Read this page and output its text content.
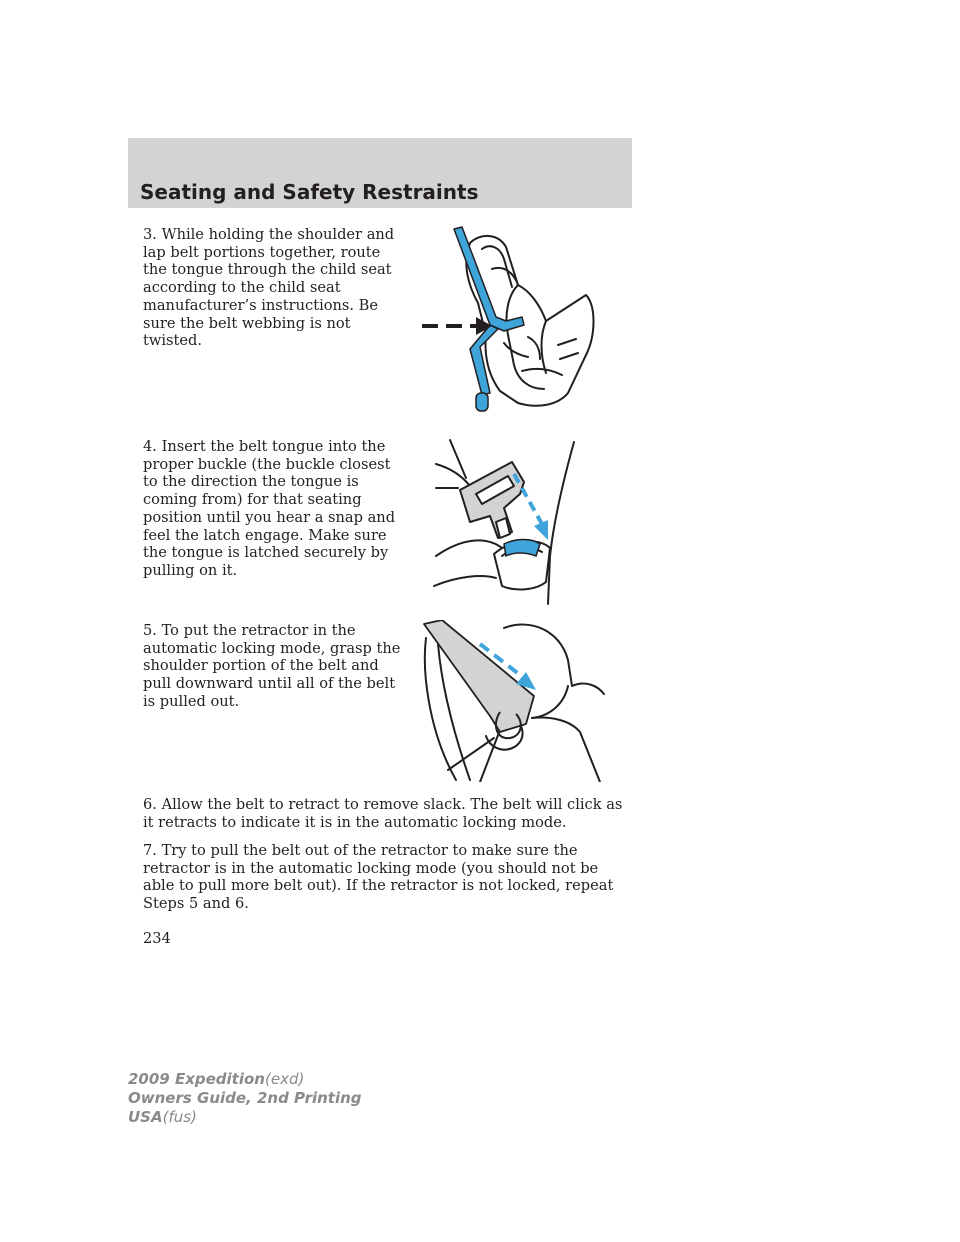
Seating and Safety Restraints

3. While holding the shoulder and lap belt portions together, route the tongue through the child seat according to the child seat manufacturer’s instructions. Be sure the belt webbing is not twisted.

4. Insert the belt tongue into the proper buckle (the buckle closest to the direction the tongue is coming from) for that seating position until you hear a snap and feel the latch engage. Make sure the tongue is latched securely by pulling on it.

5. To put the retractor in the automatic locking mode, grasp the shoulder portion of the belt and pull downward until all of the belt is pulled out.

6. Allow the belt to retract to remove slack. The belt will click as it retracts to indicate it is in the automatic locking mode.

7. Try to pull the belt out of the retractor to make sure the retractor is in the automatic locking mode (you should not be able to pull more belt out). If the retractor is not locked, repeat Steps 5 and 6.

234

2009 Expedition(exd)
Owners Guide, 2nd Printing
USA(fus)
